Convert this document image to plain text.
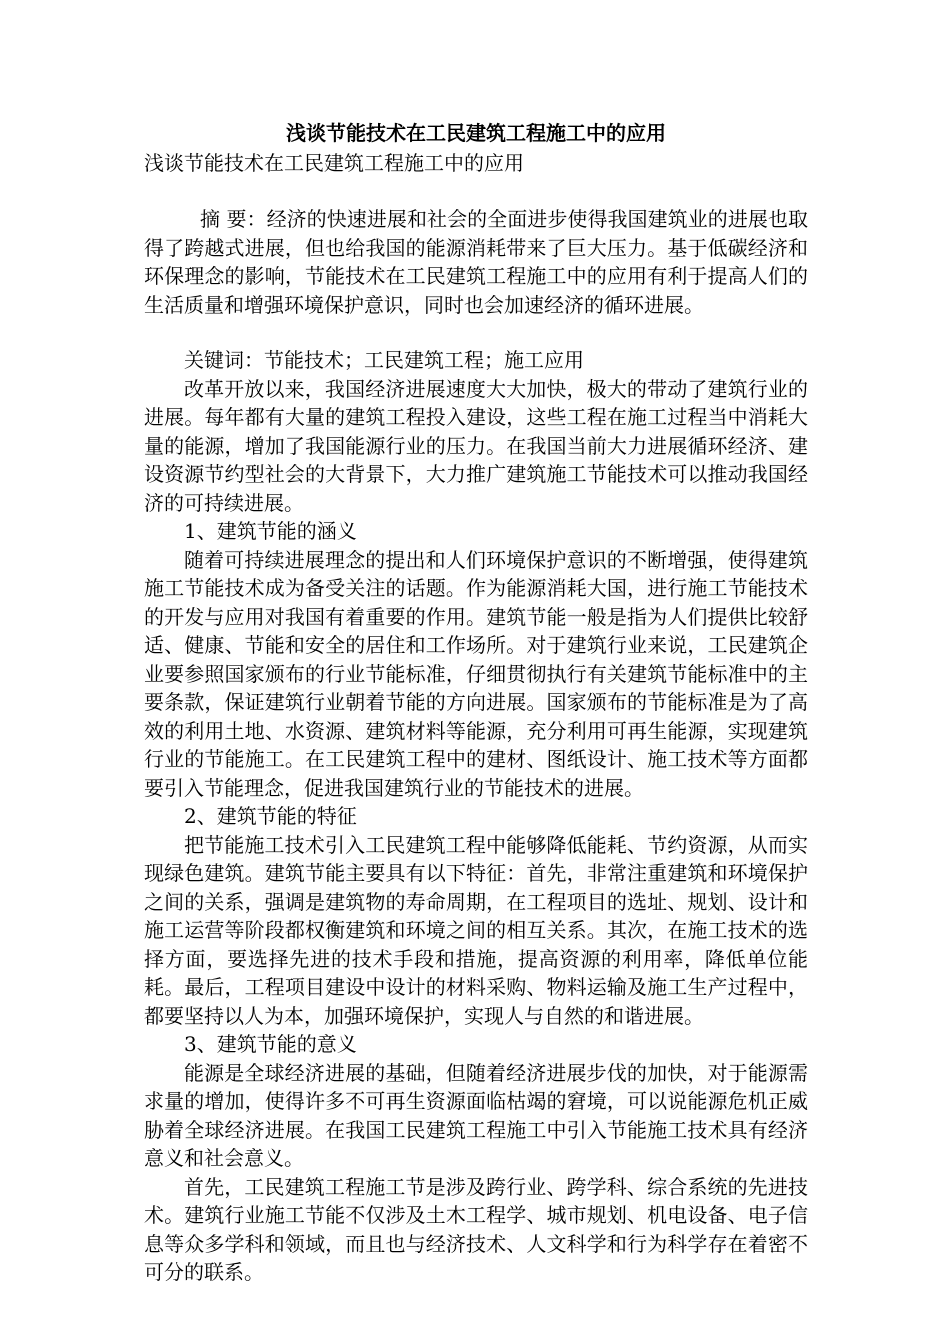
浅谈节能技术在工民建筑工程施工中的应用

浅谈节能技术在工民建筑工程施工中的应用

摘 要：经济的快速进展和社会的全面进步使得我国建筑业的进展也取得了跨越式进展，但也给我国的能源消耗带来了巨大压力。基于低碳经济和环保理念的影响，节能技术在工民建筑工程施工中的应用有利于提高人们的生活质量和增强环境保护意识，同时也会加速经济的循环进展。

关键词：节能技术；工民建筑工程；施工应用

改革开放以来，我国经济进展速度大大加快，极大的带动了建筑行业的进展。每年都有大量的建筑工程投入建设，这些工程在施工过程当中消耗大量的能源，增加了我国能源行业的压力。在我国当前大力进展循环经济、建设资源节约型社会的大背景下，大力推广建筑施工节能技术可以推动我国经济的可持续进展。

1、建筑节能的涵义

随着可持续进展理念的提出和人们环境保护意识的不断增强，使得建筑施工节能技术成为备受关注的话题。作为能源消耗大国，进行施工节能技术的开发与应用对我国有着重要的作用。建筑节能一般是指为人们提供比较舒适、健康、节能和安全的居住和工作场所。对于建筑行业来说，工民建筑企业要参照国家颁布的行业节能标准，仔细贯彻执行有关建筑节能标准中的主要条款，保证建筑行业朝着节能的方向进展。国家颁布的节能标准是为了高效的利用土地、水资源、建筑材料等能源，充分利用可再生能源，实现建筑行业的节能施工。在工民建筑工程中的建材、图纸设计、施工技术等方面都要引入节能理念，促进我国建筑行业的节能技术的进展。

2、建筑节能的特征

把节能施工技术引入工民建筑工程中能够降低能耗、节约资源，从而实现绿色建筑。建筑节能主要具有以下特征：首先，非常注重建筑和环境保护之间的关系，强调是建筑物的寿命周期，在工程项目的选址、规划、设计和施工运营等阶段都权衡建筑和环境之间的相互关系。其次，在施工技术的选择方面，要选择先进的技术手段和措施，提高资源的利用率，降低单位能耗。最后，工程项目建设中设计的材料采购、物料运输及施工生产过程中，都要坚持以人为本，加强环境保护，实现人与自然的和谐进展。

3、建筑节能的意义

能源是全球经济进展的基础，但随着经济进展步伐的加快，对于能源需求量的增加，使得许多不可再生资源面临枯竭的窘境，可以说能源危机正威胁着全球经济进展。在我国工民建筑工程施工中引入节能施工技术具有经济意义和社会意义。

首先，工民建筑工程施工节是涉及跨行业、跨学科、综合系统的先进技术。建筑行业施工节能不仅涉及土木工程学、城市规划、机电设备、电子信息等众多学科和领域，而且也与经济技术、人文科学和行为科学存在着密不可分的联系。
